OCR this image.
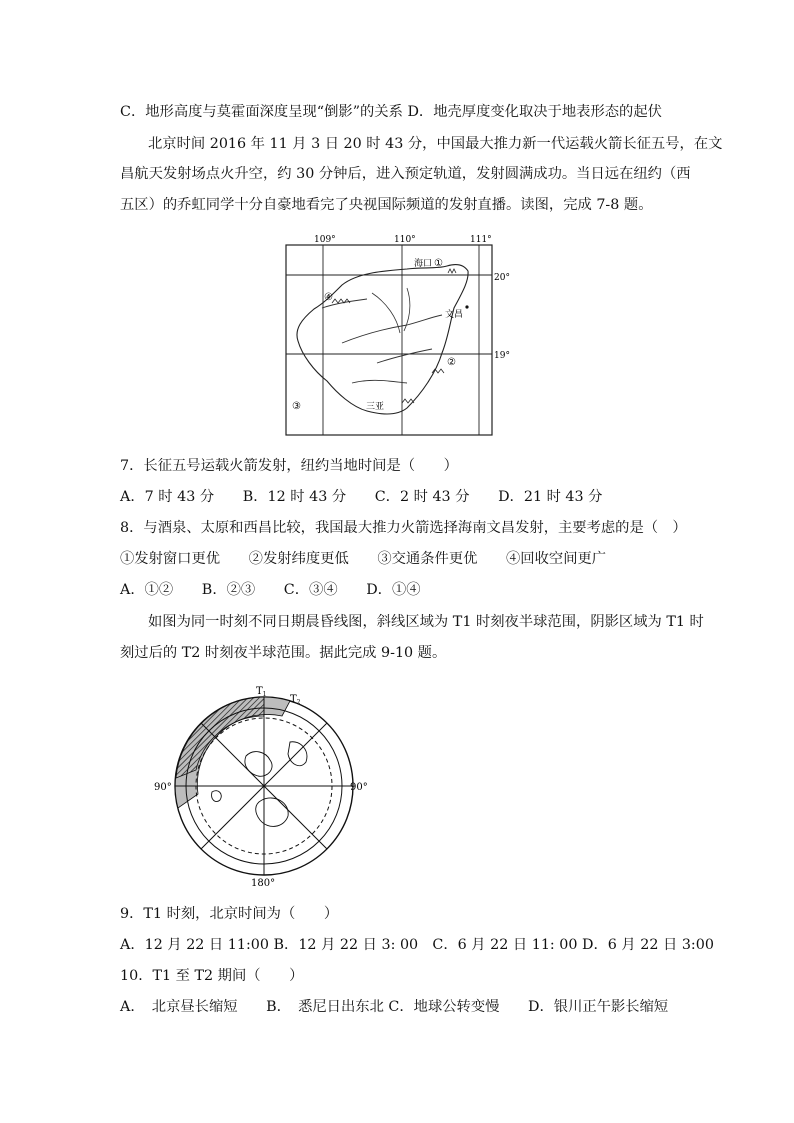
C．地形高度与莫霍面深度呈现“倒影”的关系 D．地壳厚度变化取决于地表形态的起伏
北京时间 2016 年 11 月 3 日 20 时 43 分，中国最大推力新一代运载火箭长征五号，在文
昌航天发射场点火升空，约 30 分钟后，进入预定轨道，发射圆满成功。当日远在纽约（西
五区）的乔虹同学十分自豪地看完了央视国际频道的发射直播。读图，完成 7-8 题。
109°	110°	111°
20°
19°
海口 ①
文昌
②
③
④
三亚
7．长征五号运载火箭发射，纽约当地时间是（　　）
A．7 时 43 分　　B．12 时 43 分　　C．2 时 43 分　　D．21 时 43 分
8．与酒泉、太原和西昌比较，我国最大推力火箭选择海南文昌发射，主要考虑的是（　）
①发射窗口更优　　②发射纬度更低　　③交通条件更优　　④回收空间更广
A．①②　　B．②③　　C．③④　　D．①④
如图为同一时刻不同日期晨昏线图，斜线区域为 T1 时刻夜半球范围，阴影区域为 T1 时
刻过后的 T2 时刻夜半球范围。据此完成 9-10 题。
$T_1$ $T_2$
90°	90°
180°
9．T1 时刻，北京时间为（　　）
A．12 月 22 日 11:00 B．12 月 22 日 3: 00　C．6 月 22 日 11: 00 D．6 月 22 日 3:00
10．T1 至 T2 期间（　　）
A．　北京昼长缩短　　B．　悉尼日出东北 C．地球公转变慢　　D．银川正午影长缩短
